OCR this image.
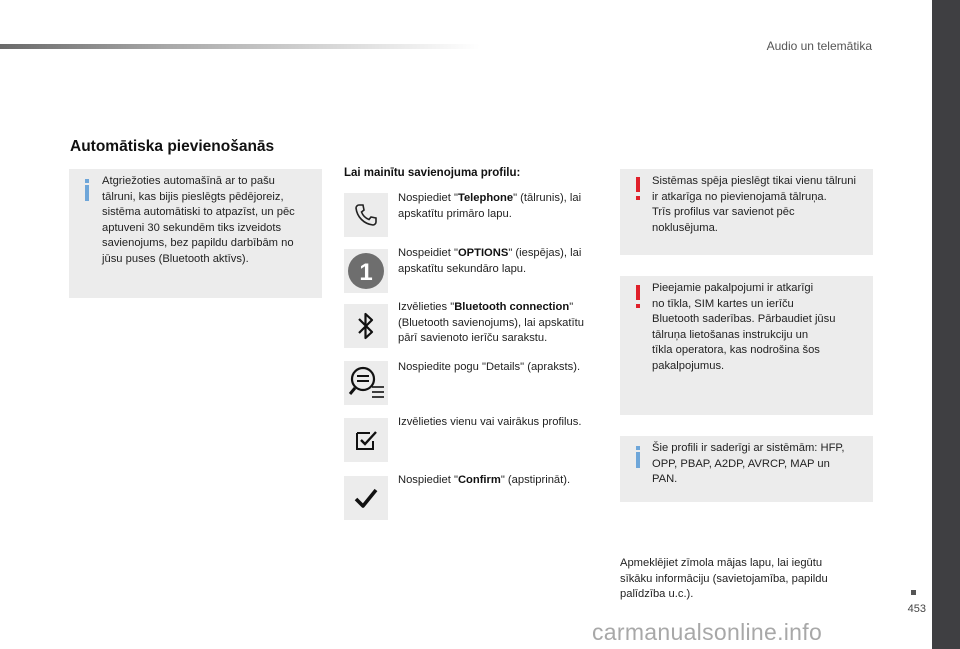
Audio un telemātika
Automātiska pievienošanās
Atgriežoties automašīnā ar to pašu
tālruni, kas bijis pieslēgts pēdējoreiz,
sistēma automātiski to atpazīst, un pēc
aptuveni 30 sekundēm tiks izveidots
savienojums, bez papildu darbībām no
jūsu puses (Bluetooth aktīvs).
Lai mainītu savienojuma profilu:
Nospiediet "Telephone" (tālrunis), lai apskatītu primāro lapu.
1
Nospeidiet "OPTIONS" (iespējas), lai apskatītu sekundāro lapu.
Izvēlieties "Bluetooth connection" (Bluetooth savienojums), lai apskatītu pārī savienoto ierīču sarakstu.
Nospiedite pogu "Details" (apraksts).
Izvēlieties vienu vai vairākus profilus.
Nospiediet "Confirm" (apstiprināt).
Sistēmas spēja pieslēgt tikai vienu tālruni
ir atkarīga no pievienojamā tālruņa.
Trīs profilus var savienot pēc
noklusējuma.
Pieejamie pakalpojumi ir atkarīgi
no tīkla, SIM kartes un ierīču
Bluetooth saderības. Pārbaudiet jūsu
tālruņa lietošanas instrukciju un
tīkla operatora, kas nodrošina šos
pakalpojumus.
Šie profili ir saderīgi ar sistēmām: HFP,
OPP, PBAP, A2DP, AVRCP, MAP un
PAN.
Apmeklējiet zīmola mājas lapu, lai iegūtu
sīkāku informāciju (savietojamība, papildu
palīdzība u.c.).
453
carmanualsonline.info
